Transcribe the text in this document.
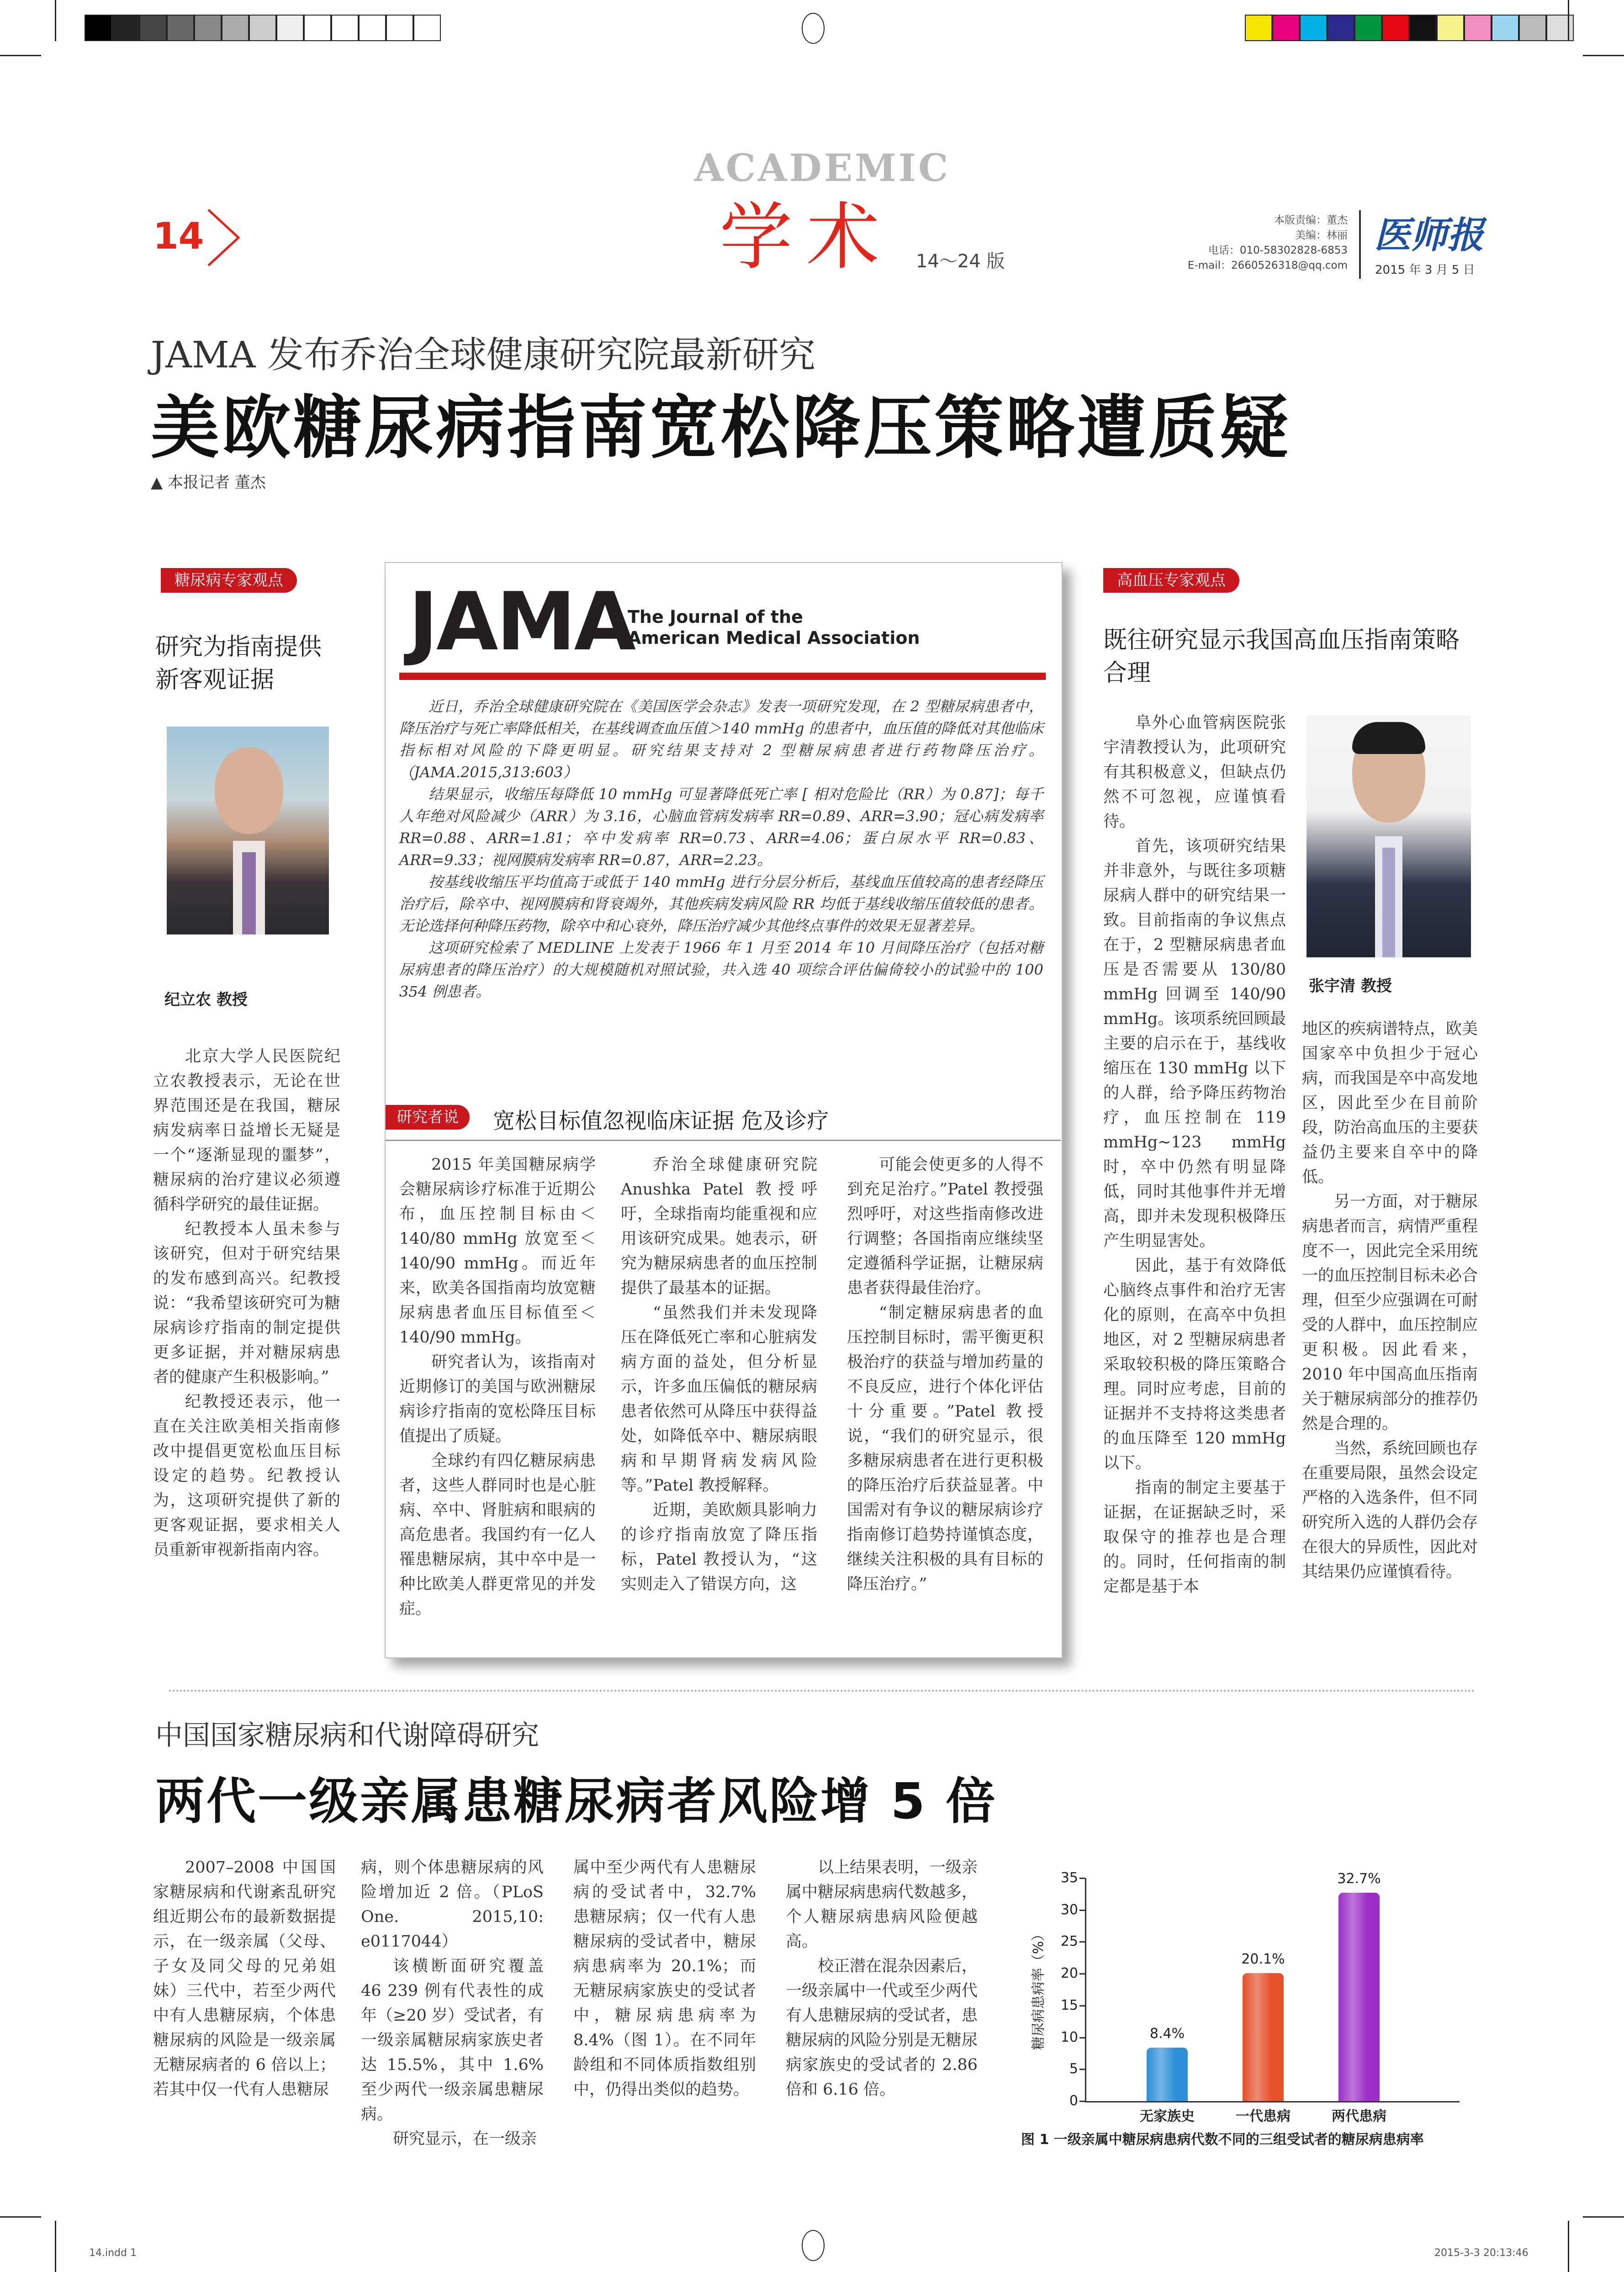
14
ACADEMIC
学术 14～24 版
本版责编：董杰
美编：林丽
电话：010-58302828-6853
E-mail：2660526318@qq.com
医师报
2015 年 3 月 5 日
JAMA 发布乔治全球健康研究院最新研究
美欧糖尿病指南宽松降压策略遭质疑
▲ 本报记者 董杰
糖尿病专家观点
研究为指南提供新客观证据
纪立农 教授

北京大学人民医院纪立农教授表示，无论在世界范围还是在我国，糖尿病发病率日益增长无疑是一个“逐渐显现的噩梦”，糖尿病的治疗建议必须遵循科学研究的最佳证据。

纪教授本人虽未参与该研究，但对于研究结果的发布感到高兴。纪教授说：“我希望该研究可为糖尿病诊疗指南的制定提供更多证据，并对糖尿病患者的健康产生积极影响。”

纪教授还表示，他一直在关注欧美相关指南修改中提倡更宽松血压目标设定的趋势。纪教授认为，这项研究提供了新的更客观证据，要求相关人员重新审视新指南内容。

JAMA
The Journal of the
American Medical Association

近日，乔治全球健康研究院在《美国医学会杂志》发表一项研究发现，在 2 型糖尿病患者中，降压治疗与死亡率降低相关，在基线调查血压值＞140 mmHg 的患者中，血压值的降低对其他临床指标相对风险的下降更明显。研究结果支持对 2 型糖尿病患者进行药物降压治疗。（JAMA.2015,313:603）

结果显示，收缩压每降低 10 mmHg 可显著降低死亡率 [ 相对危险比（RR）为 0.87]；每千人年绝对风险减少（ARR）为 3.16，心脑血管病发病率 RR=0.89、ARR=3.90；冠心病发病率 RR=0.88、ARR=1.81；卒中发病率 RR=0.73、ARR=4.06；蛋白尿水平 RR=0.83、ARR=9.33；视网膜病发病率 RR=0.87，ARR=2.23。

按基线收缩压平均值高于或低于 140 mmHg 进行分层分析后，基线血压值较高的患者经降压治疗后，除卒中、视网膜病和肾衰竭外，其他疾病发病风险 RR 均低于基线收缩压值较低的患者。无论选择何种降压药物，除卒中和心衰外，降压治疗减少其他终点事件的效果无显著差异。

这项研究检索了 MEDLINE 上发表于 1966 年 1 月至 2014 年 10 月间降压治疗（包括对糖尿病患者的降压治疗）的大规模随机对照试验，共入选 40 项综合评估偏倚较小的试验中的 100 354 例患者。

研究者说	宽松目标值忽视临床证据 危及诊疗

2015 年美国糖尿病学会糖尿病诊疗标准于近期公布，血压控制目标由＜140/80 mmHg 放宽至＜140/90 mmHg。而近年来，欧美各国指南均放宽糖尿病患者血压目标值至＜140/90 mmHg。

研究者认为，该指南对近期修订的美国与欧洲糖尿病诊疗指南的宽松降压目标值提出了质疑。

全球约有四亿糖尿病患者，这些人群同时也是心脏病、卒中、肾脏病和眼病的高危患者。我国约有一亿人罹患糖尿病，其中卒中是一种比欧美人群更常见的并发症。

乔治全球健康研究院 Anushka Patel 教授呼吁，全球指南均能重视和应用该研究成果。她表示，研究为糖尿病患者的血压控制提供了最基本的证据。

“虽然我们并未发现降压在降低死亡率和心脏病发病方面的益处，但分析显示，许多血压偏低的糖尿病患者依然可从降压中获得益处，如降低卒中、糖尿病眼病和早期肾病发病风险等。”Patel 教授解释。

近期，美欧颇具影响力的诊疗指南放宽了降压指标，Patel 教授认为，“这实则走入了错误方向，这

可能会使更多的人得不到充足治疗。”Patel 教授强烈呼吁，对这些指南修改进行调整；各国指南应继续坚定遵循科学证据，让糖尿病患者获得最佳治疗。

“制定糖尿病患者的血压控制目标时，需平衡更积极治疗的获益与增加药量的不良反应，进行个体化评估十分重要。”Patel 教授说，“我们的研究显示，很多糖尿病患者在进行更积极的降压治疗后获益显著。中国需对有争议的糖尿病诊疗指南修订趋势持谨慎态度，继续关注积极的具有目标的降压治疗。”

高血压专家观点
既往研究显示我国高血压指南策略合理
张宇清 教授

阜外心血管病医院张宇清教授认为，此项研究有其积极意义，但缺点仍然不可忽视，应谨慎看待。

首先，该项研究结果并非意外，与既往多项糖尿病人群中的研究结果一致。目前指南的争议焦点在于，2 型糖尿病患者血压是否需要从 130/80 mmHg 回调至 140/90 mmHg。该项系统回顾最主要的启示在于，基线收缩压在 130 mmHg 以下的人群，给予降压药物治疗，血压控制在 119 mmHg~123 mmHg 时，卒中仍然有明显降低，同时其他事件并无增高，即并未发现积极降压产生明显害处。

因此，基于有效降低心脑终点事件和治疗无害化的原则，在高卒中负担地区，对 2 型糖尿病患者采取较积极的降压策略合理。同时应考虑，目前的证据并不支持将这类患者的血压降至 120 mmHg 以下。

指南的制定主要基于证据，在证据缺乏时，采取保守的推荐也是合理的。同时，任何指南的制定都是基于本

地区的疾病谱特点，欧美国家卒中负担少于冠心病，而我国是卒中高发地区，因此至少在目前阶段，防治高血压的主要获益仍主要来自卒中的降低。

另一方面，对于糖尿病患者而言，病情严重程度不一，因此完全采用统一的血压控制目标未必合理，但至少应强调在可耐受的人群中，血压控制应更积极。因此看来，2010 年中国高血压指南关于糖尿病部分的推荐仍然是合理的。

当然，系统回顾也存在重要局限，虽然会设定严格的入选条件，但不同研究所入选的人群仍会存在很大的异质性，因此对其结果仍应谨慎看待。

中国国家糖尿病和代谢障碍研究
两代一级亲属患糖尿病者风险增 5 倍

2007–2008 中国国家糖尿病和代谢紊乱研究组近期公布的最新数据提示，在一级亲属（父母、子女及同父母的兄弟姐妹）三代中，若至少两代中有人患糖尿病，个体患糖尿病的风险是一级亲属无糖尿病者的 6 倍以上；若其中仅一代有人患糖尿

病，则个体患糖尿病的风险增加近 2 倍。（PLoS One. 2015,10: e0117044）

该横断面研究覆盖 46 239 例有代表性的成年（≥20 岁）受试者，有一级亲属糖尿病家族史者达 15.5%，其中 1.6% 至少两代一级亲属患糖尿病。

研究显示，在一级亲

属中至少两代有人患糖尿病的受试者中，32.7% 患糖尿病；仅一代有人患糖尿病的受试者中，糖尿病患病率为 20.1%；而无糖尿病家族史的受试者中，糖尿病患病率为 8.4%（图 1）。在不同年龄组和不同体质指数组别中，仍得出类似的趋势。

以上结果表明，一级亲属中糖尿病患病代数越多，个人糖尿病患病风险便越高。

校正潜在混杂因素后，一级亲属中一代或至少两代有人患糖尿病的受试者，患糖尿病的风险分别是无糖尿病家族史的受试者的 2.86 倍和 6.16 倍。

糖尿病患病率（%）
0
5
10
15
20
25
30
35
8.4%
无家族史
20.1%
一代患病
32.7%
两代患病
图 1 一级亲属中糖尿病患病代数不同的三组受试者的糖尿病患病率
14.indd 1	2015-3-3 20:13:46
